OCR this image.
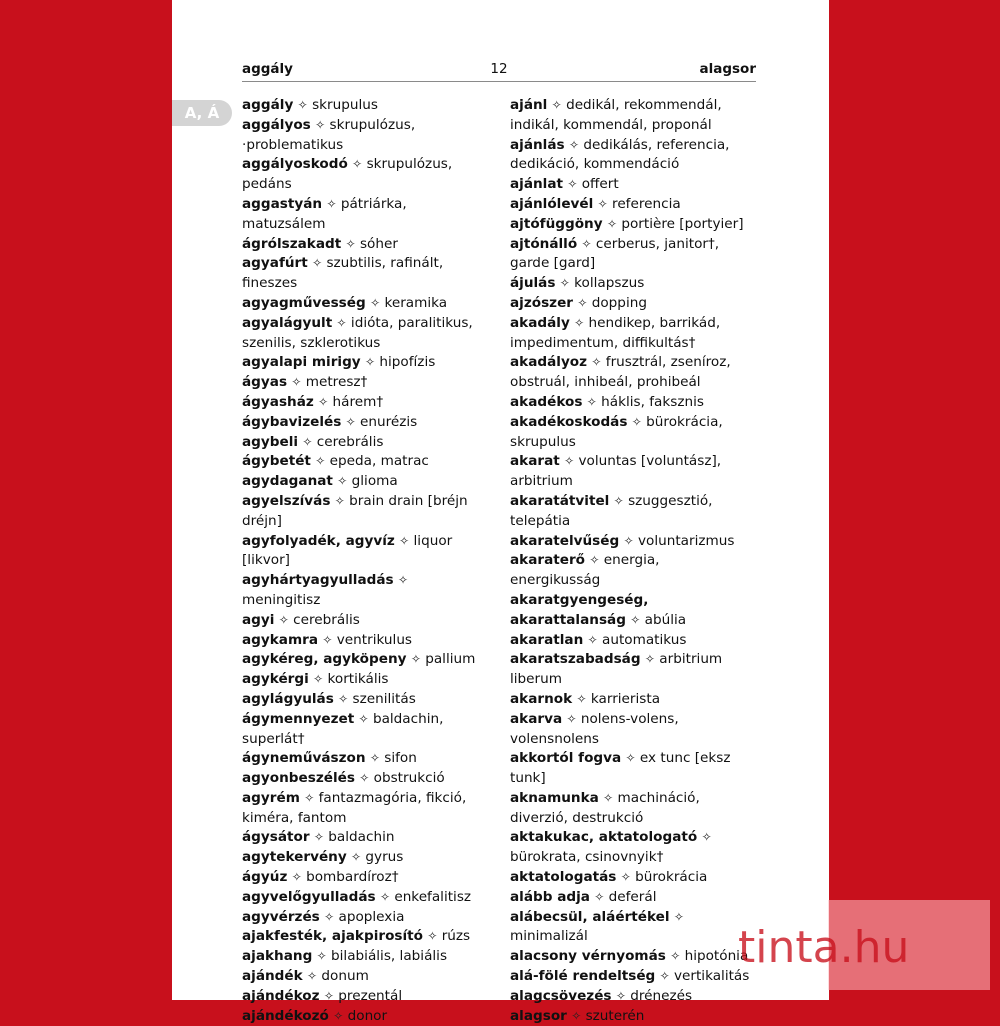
aggály	12	alagsor
A, Á	aggály ✧ skrupulus

aggályos ✧ skrupulózus, ·problematikus

aggályoskodó ✧ skrupulózus, pedáns

aggastyán ✧ pátriárka, matuzsálem

ágrólszakadt ✧ sóher

agyafúrt ✧ szubtilis, rafinált, fineszes

agyagművesség ✧ keramika

agyalágyult ✧ idióta, paralitikus, szenilis, szklerotikus

agyalapi mirigy ✧ hipofízis

ágyas ✧ metresz†

ágyasház ✧ hárem†

ágybavizelés ✧ enurézis

agybeli ✧ cerebrális

ágybetét ✧ epeda, matrac

agydaganat ✧ glioma

agyelszívás ✧ brain drain [bréjn dréjn]

agyfolyadék, agyvíz ✧ liquor [likvor]

agyhártyagyulladás ✧ meningitisz

agyi ✧ cerebrális

agykamra ✧ ventrikulus

agykéreg, agyköpeny ✧ pallium

agykérgi ✧ kortikális

agylágyulás ✧ szenilitás

ágymennyezet ✧ baldachin, superlát†

ágyneművászon ✧ sifon

agyonbeszélés ✧ obstrukció

agyrém ✧ fantazmagória, fikció, kiméra, fantom

ágysátor ✧ baldachin

agytekervény ✧ gyrus

ágyúz ✧ bombardíroz†

agyvelőgyulladás ✧ enkefalitisz

agyvérzés ✧ apoplexia

ajakfesték, ajakpirosító ✧ rúzs

ajakhang ✧ bilabiális, labiális

ajándék ✧ donum

ajándékoz ✧ prezentál

ajándékozó ✧ donor

ajánl ✧ dedikál, rekommendál, indikál, kommendál, proponál

ajánlás ✧ dedikálás, referencia, dedikáció, kommendáció

ajánlat ✧ offert

ajánlólevél ✧ referencia

ajtófüggöny ✧ portière [portyier]

ajtónálló ✧ cerberus, janitor†, garde [gard]

ájulás ✧ kollapszus

ajzószer ✧ dopping

akadály ✧ hendikep, barrikád, impedimentum, diffikultás†

akadályoz ✧ frusztrál, zseníroz, obstruál, inhibeál, prohibeál

akadékos ✧ háklis, faksznis

akadékoskodás ✧ bürokrácia, skrupulus

akarat ✧ voluntas [voluntász], arbitrium

akaratátvitel ✧ szuggesztió, telepátia

akaratelvűség ✧ voluntarizmus

akaraterő ✧ energia, energikusság

akaratgyengeség, akarattalanság ✧ abúlia

akaratlan ✧ automatikus

akaratszabadság ✧ arbitrium liberum

akarnok ✧ karrierista

akarva ✧ nolens-volens, volensnolens

akkortól fogva ✧ ex tunc [eksz tunk]

aknamunka ✧ machináció, diverzió, destrukció

aktakukac, aktatologató ✧ bürokrata, csinovnyik†

aktatologatás ✧ bürokrácia

alább adja ✧ deferál

alábecsül, aláértékel ✧ minimalizál

alacsony vérnyomás ✧ hipotónia

alá-fölé rendeltség ✧ vertikalitás

alagcsövezés ✧ drénezés

alagsor ✧ szuterén

tinta.hu
